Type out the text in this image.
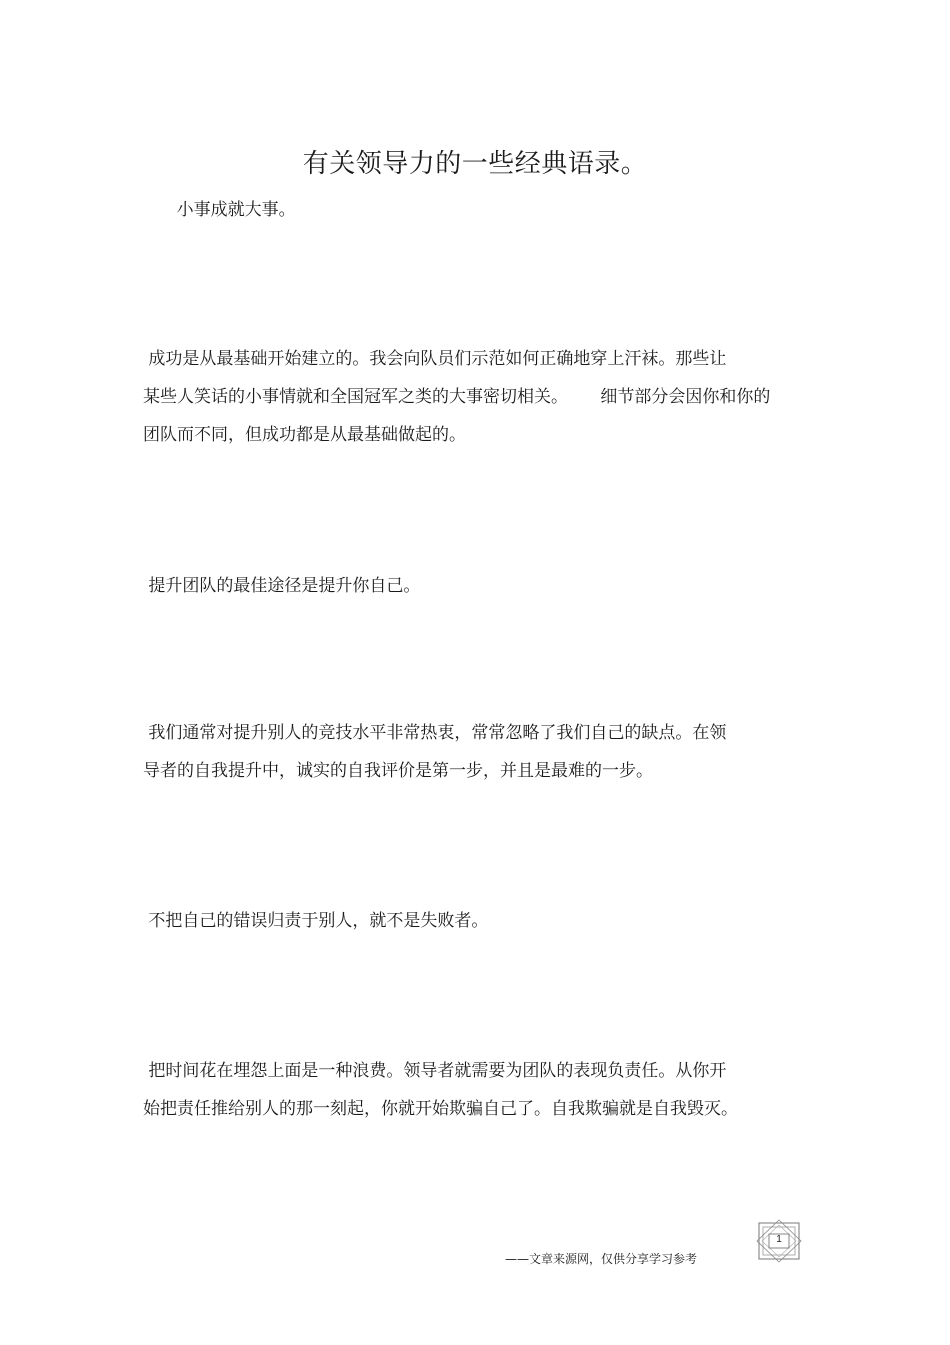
有关领导力的一些经典语录。
小事成就大事。
成功是从最基础开始建立的。我会向队员们示范如何正确地穿上汗袜。那些让
某些人笑话的小事情就和全国冠军之类的大事密切相关。      细节部分会因你和你的
团队而不同，但成功都是从最基础做起的。
提升团队的最佳途径是提升你自己。
我们通常对提升别人的竞技水平非常热衷，常常忽略了我们自己的缺点。在领
导者的自我提升中，诚实的自我评价是第一步，并且是最难的一步。
不把自己的错误归责于别人，就不是失败者。
把时间花在埋怨上面是一种浪费。领导者就需要为团队的表现负责任。从你开
始把责任推给别人的那一刻起，你就开始欺骗自己了。自我欺骗就是自我毁灭。
——文章来源网，仅供分享学习参考
1
